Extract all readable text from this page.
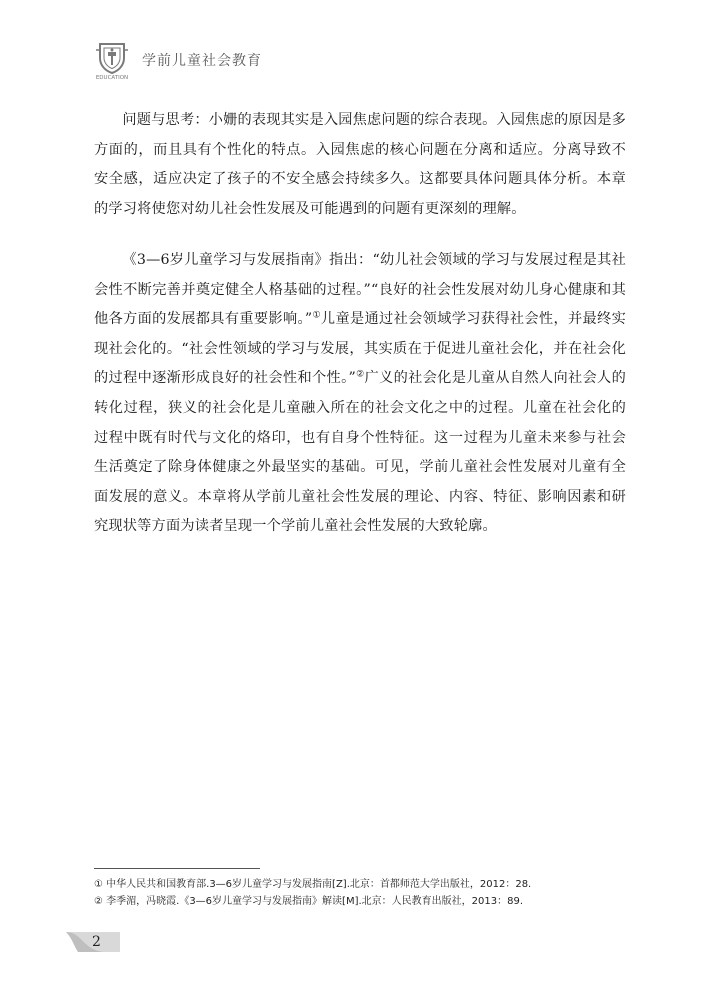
EDUCATION
学前儿童社会教育

问题与思考：小姗的表现其实是入园焦虑问题的综合表现。入园焦虑的原因是多方面的，而且具有个性化的特点。入园焦虑的核心问题在分离和适应。分离导致不安全感，适应决定了孩子的不安全感会持续多久。这都要具体问题具体分析。本章的学习将使您对幼儿社会性发展及可能遇到的问题有更深刻的理解。

《3—6岁儿童学习与发展指南》指出：“幼儿社会领域的学习与发展过程是其社会性不断完善并奠定健全人格基础的过程。”“良好的社会性发展对幼儿身心健康和其他各方面的发展都具有重要影响。”①儿童是通过社会领域学习获得社会性，并最终实现社会化的。“社会性领域的学习与发展，其实质在于促进儿童社会化，并在社会化的过程中逐渐形成良好的社会性和个性。”②广义的社会化是儿童从自然人向社会人的转化过程，狭义的社会化是儿童融入所在的社会文化之中的过程。儿童在社会化的过程中既有时代与文化的烙印，也有自身个性特征。这一过程为儿童未来参与社会生活奠定了除身体健康之外最坚实的基础。可见，学前儿童社会性发展对儿童有全面发展的意义。本章将从学前儿童社会性发展的理论、内容、特征、影响因素和研究现状等方面为读者呈现一个学前儿童社会性发展的大致轮廓。

① 中华人民共和国教育部.3—6岁儿童学习与发展指南[Z].北京：首都师范大学出版社，2012：28.
② 李季湄，冯晓霞.《3—6岁儿童学习与发展指南》解读[M].北京：人民教育出版社，2013：89.
2
